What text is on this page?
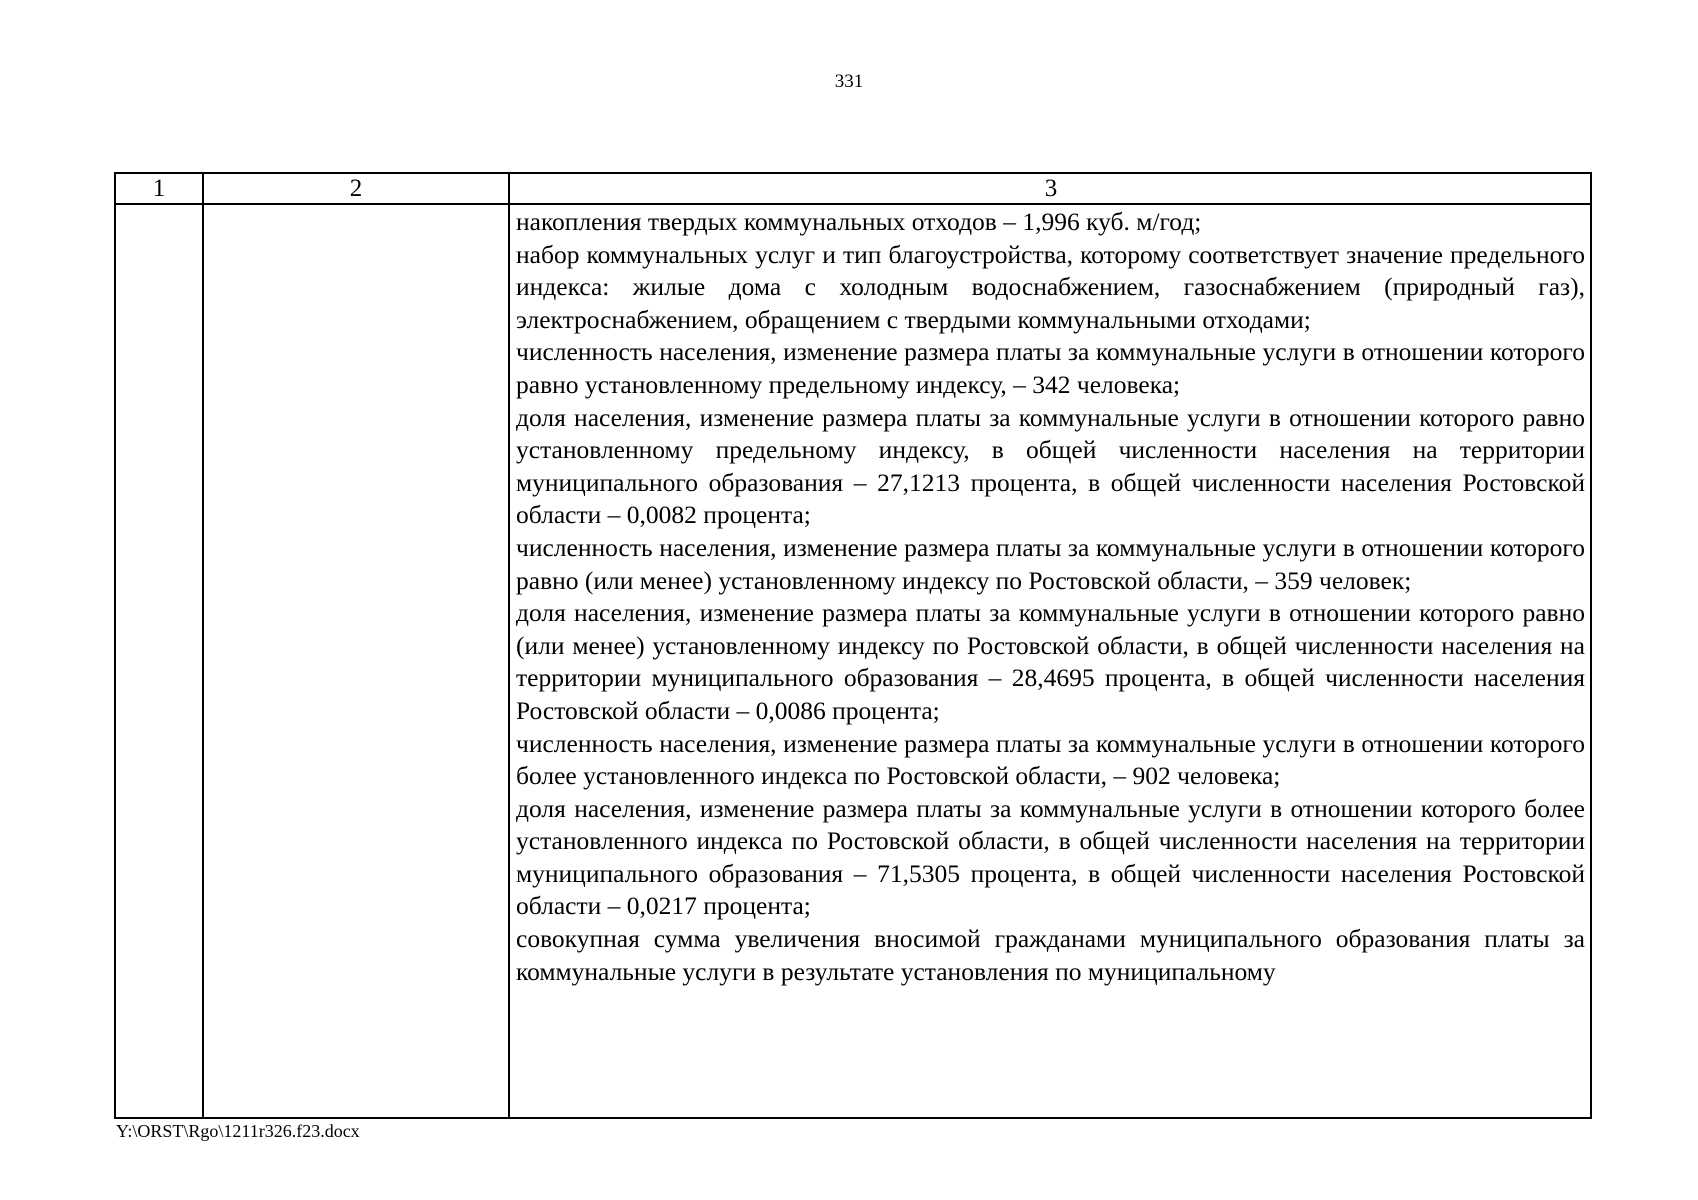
331
1	2	3

накопления твердых коммунальных отходов – 1,996 куб. м/год;

набор коммунальных услуг и тип благоустройства, которому соответствует значение предельного индекса: жилые дома с холодным водоснабжением, газоснабжением (природный газ), электроснабжением, обращением с твердыми коммунальными отходами;

численность населения, изменение размера платы за коммунальные услуги в отношении которого равно установленному предельному индексу, – 342 человека;

доля населения, изменение размера платы за коммунальные услуги в отношении которого равно установленному предельному индексу, в общей численности населения на территории муниципального образования – 27,1213 процента, в общей численности населения Ростовской области – 0,0082 процента;

численность населения, изменение размера платы за коммунальные услуги в отношении которого равно (или менее) установленному индексу по Ростовской области, – 359 человек;

доля населения, изменение размера платы за коммунальные услуги в отношении которого равно (или менее) установленному индексу по Ростовской области, в общей численности населения на территории муниципального образования – 28,4695 процента, в общей численности населения Ростовской области – 0,0086 процента;

численность населения, изменение размера платы за коммунальные услуги в отношении которого более установленного индекса по Ростовской области, – 902 человека;

доля населения, изменение размера платы за коммунальные услуги в отношении которого более установленного индекса по Ростовской области, в общей численности населения на территории муниципального образования – 71,5305 процента, в общей численности населения Ростовской области – 0,0217 процента;

совокупная сумма увеличения вносимой гражданами муниципального образования платы за коммунальные услуги в результате установления по муниципальному

Y:\ORST\Rgo\1211r326.f23.docx
